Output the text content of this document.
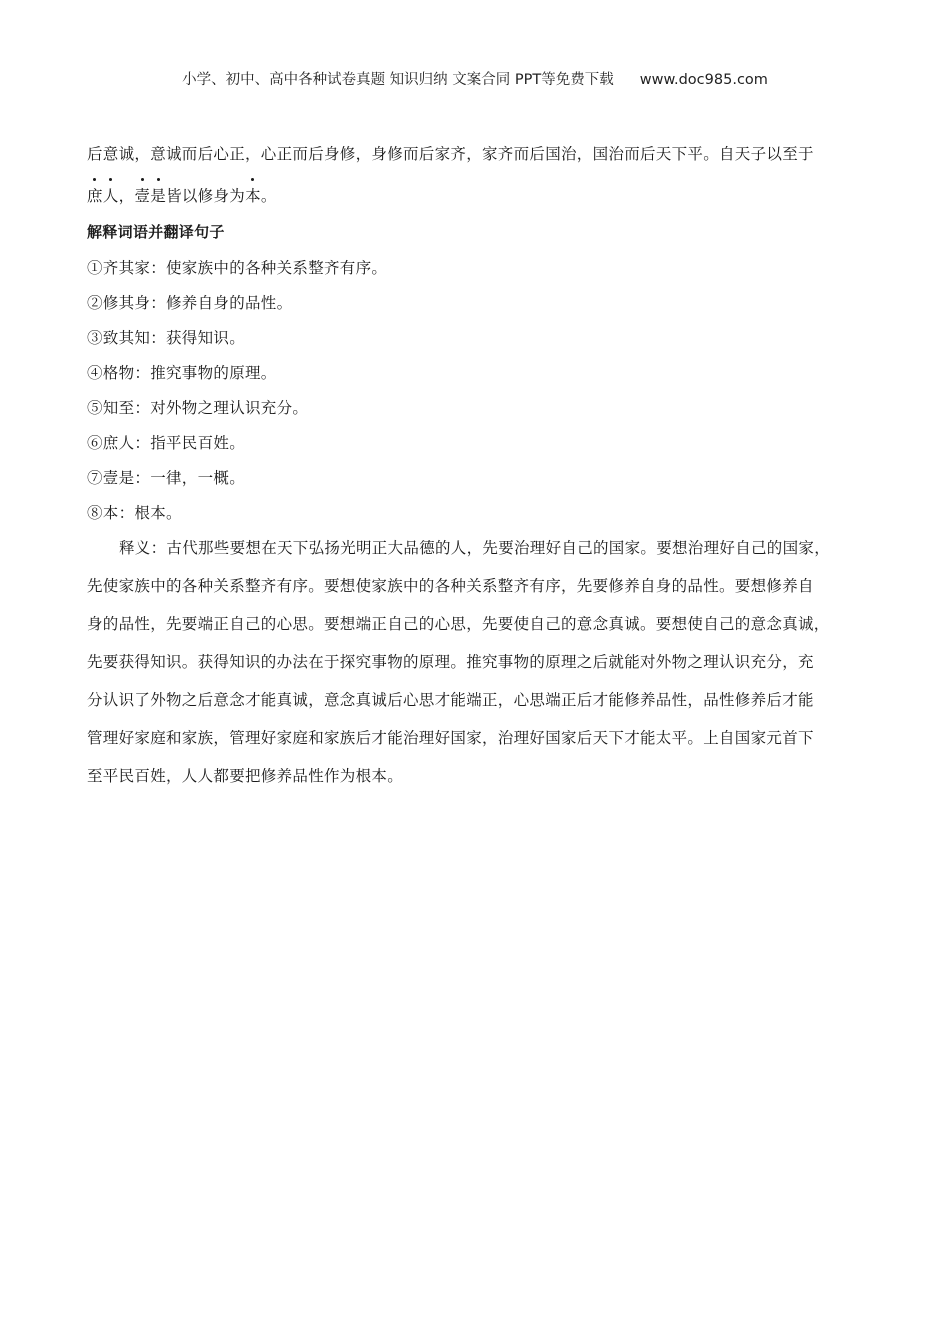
小学、初中、高中各种试卷真题 知识归纳 文案合同 PPT等免费下载 www.doc985.com
后意诚，意诚而后心正，心正而后身修，身修而后家齐，家齐而后国治，国治而后天下平。自天子以至于
庶人，壹是皆以修身为本。
解释词语并翻译句子
①齐其家：使家族中的各种关系整齐有序。
②修其身：修养自身的品性。
③致其知：获得知识。
④格物：推究事物的原理。
⑤知至：对外物之理认识充分。
⑥庶人：指平民百姓。
⑦壹是：一律，一概。
⑧本：根本。
释义：古代那些要想在天下弘扬光明正大品德的人，先要治理好自己的国家。要想治理好自己的国家，
先使家族中的各种关系整齐有序。要想使家族中的各种关系整齐有序，先要修养自身的品性。要想修养自
身的品性，先要端正自己的心思。要想端正自己的心思，先要使自己的意念真诚。要想使自己的意念真诚，
先要获得知识。获得知识的办法在于探究事物的原理。推究事物的原理之后就能对外物之理认识充分，充
分认识了外物之后意念才能真诚，意念真诚后心思才能端正，心思端正后才能修养品性，品性修养后才能
管理好家庭和家族，管理好家庭和家族后才能治理好国家，治理好国家后天下才能太平。上自国家元首下
至平民百姓，人人都要把修养品性作为根本。
